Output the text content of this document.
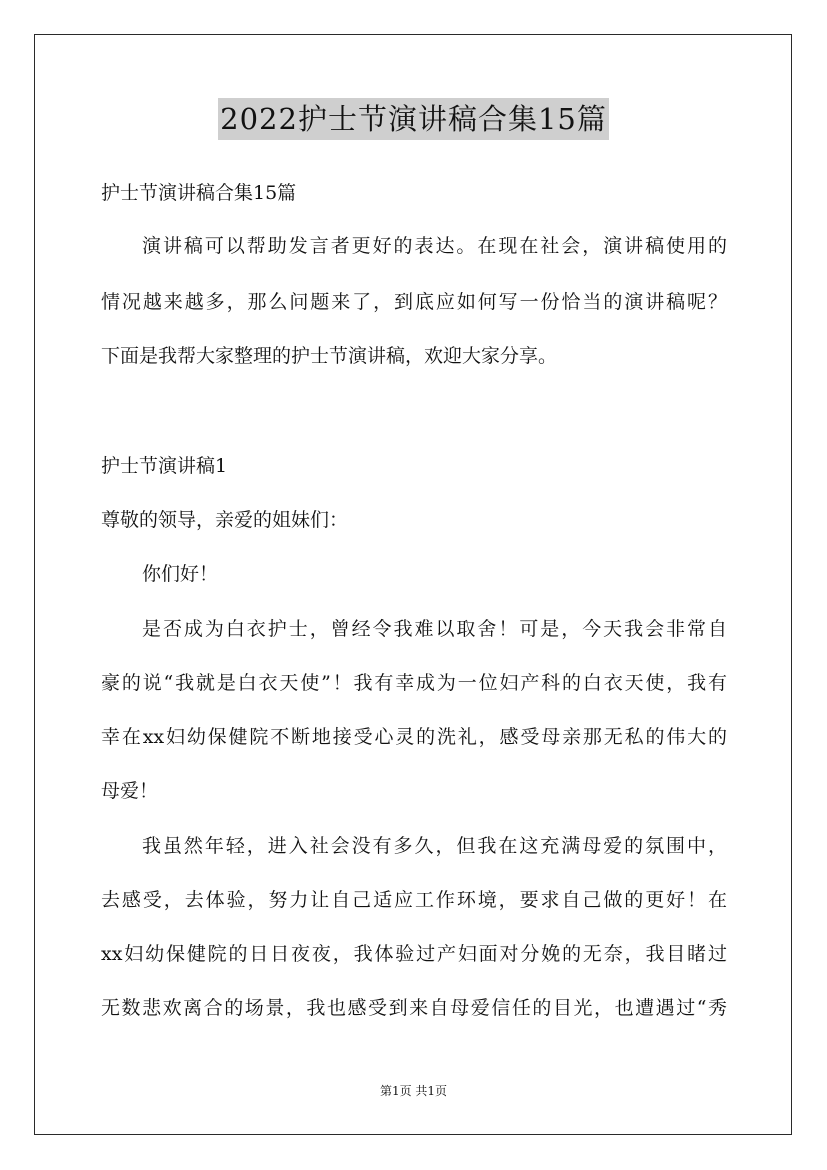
2022护士节演讲稿合集15篇
护士节演讲稿合集15篇
演讲稿可以帮助发言者更好的表达。在现在社会，演讲稿使用的
情况越来越多，那么问题来了，到底应如何写一份恰当的演讲稿呢？
下面是我帮大家整理的护士节演讲稿，欢迎大家分享。
护士节演讲稿1
尊敬的领导，亲爱的姐妹们：
你们好！
是否成为白衣护士，曾经令我难以取舍！可是，今天我会非常自
豪的说“我就是白衣天使”！我有幸成为一位妇产科的白衣天使，我有
幸在xx妇幼保健院不断地接受心灵的洗礼，感受母亲那无私的伟大的
母爱！
我虽然年轻，进入社会没有多久，但我在这充满母爱的氛围中，
去感受，去体验，努力让自己适应工作环境，要求自己做的更好！在
xx妇幼保健院的日日夜夜，我体验过产妇面对分娩的无奈，我目睹过
无数悲欢离合的场景，我也感受到来自母爱信任的目光，也遭遇过“秀
第1页 共1页
